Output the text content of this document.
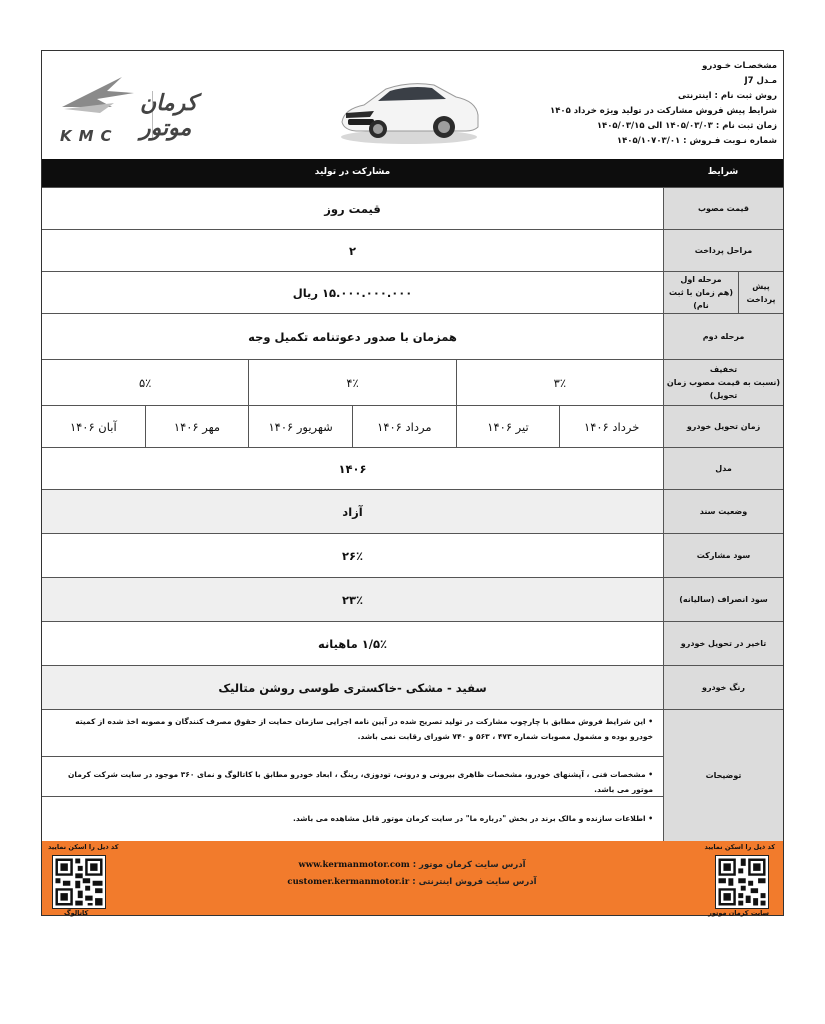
کرمان موتور
KMC
مشخصـات خـودرو
مـدل J7
روش ثبت نام : اینترنتی
شرایط پیش فروش مشارکت در تولید ویژه خرداد ۱۴۰۵
زمان ثبت نام : ۱۴۰۵/۰۳/۰۳ الی ۱۴۰۵/۰۳/۱۵
شماره نـوبت فـروش : ۱۴۰۵/۱۰۷۰۳/۰۱
شرایط
مشارکت در تولید
قیمت مصوب
قیمت روز
مراحل پرداخت
۲
پیش پرداخت
مرحله اول
(هم زمان با ثبت نام)
۱۵.۰۰۰.۰۰۰.۰۰۰ ریال
مرحله دوم
همزمان با صدور دعوتنامه تکمیل وجه
تخفیف
(نسبت به قیمت مصوب زمان تحویل)
۳٪
۴٪
۵٪
زمان تحویل خودرو
خرداد ۱۴۰۶
تیر ۱۴۰۶
مرداد ۱۴۰۶
شهریور ۱۴۰۶
مهر ۱۴۰۶
آبان ۱۴۰۶
مدل
۱۴۰۶
وضعیت سند
آزاد
سود مشارکت
۲۶٪
سود انصراف (سالیانه)
۲۳٪
تاخیر در تحویل خودرو
۱/۵٪ ماهیانه
رنگ خودرو
سفید - مشکی -خاکستری طوسی روشن متالیک
توضیحات
• این شرایط فروش مطابق با چارچوب مشارکت در تولید تصریح شده در آیین نامه اجرایی سازمان حمایت از حقوق مصرف کنندگان و مصوبه اخذ شده از کمیته خودرو بوده و مشمول مصوبات شماره ۴۷۳ ، ۵۶۳ و ۷۴۰ شورای رقابت نمی باشد.
• مشخصات فنی ، آپشنهای خودرو، مشخصات ظاهری بیرونی و درونی، تودوزی، رینگ ، ابعاد خودرو مطابق با کاتالوگ و نمای ۳۶۰ موجود در سایت شرکت کرمان موتور می باشد.
• اطلاعات سازنده و مالک برند در بخش "درباره ما" در سایت کرمان موتور قابل مشاهده می باشد.
کد ذیل را اسکن نمایید
کاتالوگ
آدرس سایت کرمان موتور : www.kermanmotor.com
آدرس سایت فروش اینترنتی : customer.kermanmotor.ir
کد ذیل را اسکن نمایید
سایت کرمان موتور
